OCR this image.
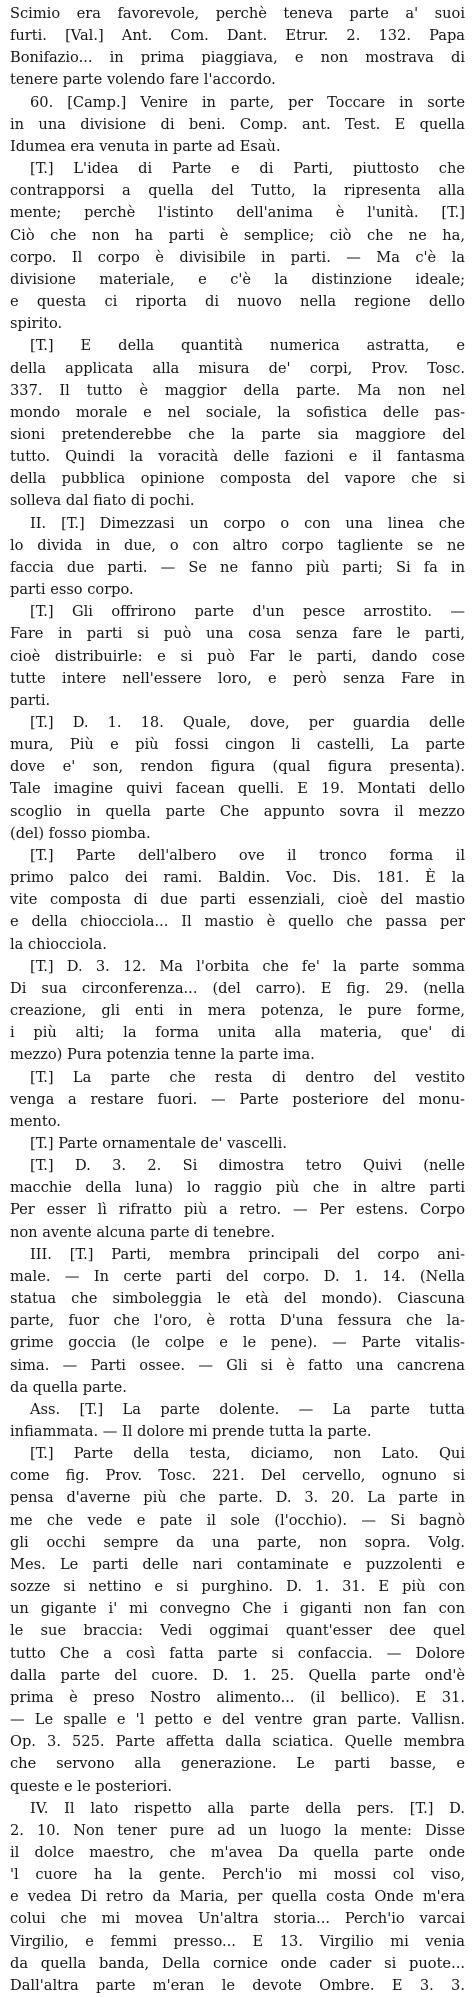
Scimio era favorevole, perchè teneva parte a' suoi
furti. [Val.] Ant. Com. Dant. Etrur. 2. 132. Papa
Bonifazio... in prima piaggiava, e non mostrava di
tenere parte volendo fare l'accordo.
60. [Camp.] Venire in parte, per Toccare in sorte
in una divisione di beni. Comp. ant. Test. E quella
Idumea era venuta in parte ad Esaù.
[T.] L'idea di Parte e di Parti, piuttosto che
contrapporsi a quella del Tutto, la ripresenta alla
mente; perchè l'istinto dell'anima è l'unità. [T.]
Ciò che non ha parti è semplice; ciò che ne ha,
corpo. Il corpo è divisibile in parti. — Ma c'è la
divisione materiale, e c'è la distinzione ideale;
e questa ci riporta di nuovo nella regione dello
spirito.
[T.] E della quantità numerica astratta, e
della applicata alla misura de' corpi, Prov. Tosc.
337. Il tutto è maggior della parte. Ma non nel
mondo morale e nel sociale, la sofistica delle pas-
sioni pretenderebbe che la parte sia maggiore del
tutto. Quindi la voracità delle fazioni e il fantasma
della pubblica opinione composta del vapore che si
solleva dal fiato di pochi.
II. [T.] Dimezzasi un corpo o con una linea che
lo divida in due, o con altro corpo tagliente se ne
faccia due parti. — Se ne fanno più parti; Si fa in
parti esso corpo.
[T.] Gli offrirono parte d'un pesce arrostito. —
Fare in parti si può una cosa senza fare le parti,
cioè distribuirle: e si può Far le parti, dando cose
tutte intere nell'essere loro, e però senza Fare in
parti.
[T.] D. 1. 18. Quale, dove, per guardia delle
mura, Più e più fossi cingon li castelli, La parte
dove e' son, rendon figura (qual figura presenta).
Tale imagine quivi facean quelli. E 19. Montati dello
scoglio in quella parte Che appunto sovra il mezzo
(del) fosso piomba.
[T.] Parte dell'albero ove il tronco forma il
primo palco dei rami. Baldin. Voc. Dis. 181. È la
vite composta di due parti essenziali, cioè del mastio
e della chiocciola... Il mastio è quello che passa per
la chiocciola.
[T.] D. 3. 12. Ma l'orbita che fe' la parte somma
Di sua circonferenza... (del carro). E fig. 29. (nella
creazione, gli enti in mera potenza, le pure forme,
i più alti; la forma unita alla materia, que' di
mezzo) Pura potenzia tenne la parte ima.
[T.] La parte che resta di dentro del vestito
venga a restare fuori. — Parte posteriore del monu-
mento.
[T.] Parte ornamentale de' vascelli.
[T.] D. 3. 2. Si dimostra tetro Quivi (nelle
macchie della luna) lo raggio più che in altre parti
Per esser lì rifratto più a retro. — Per estens. Corpo
non avente alcuna parte di tenebre.
III. [T.] Parti, membra principali del corpo ani-
male. — In certe parti del corpo. D. 1. 14. (Nella
statua che simboleggia le età del mondo). Ciascuna
parte, fuor che l'oro, è rotta D'una fessura che la-
grime goccia (le colpe e le pene). — Parte vitalis-
sima. — Parti ossee. — Gli si è fatto una cancrena
da quella parte.
Ass. [T.] La parte dolente. — La parte tutta
infiammata. — Il dolore mi prende tutta la parte.
[T.] Parte della testa, diciamo, non Lato. Qui
come fig. Prov. Tosc. 221. Del cervello, ognuno si
pensa d'averne più che parte. D. 3. 20. La parte in
me che vede e pate il sole (l'occhio). — Si bagnò
gli occhi sempre da una parte, non sopra. Volg.
Mes. Le parti delle nari contaminate e puzzolenti e
sozze si nettino e si purghino. D. 1. 31. E più con
un gigante i' mi convegno Che i giganti non fan con
le sue braccia: Vedi oggimai quant'esser dee quel
tutto Che a così fatta parte si confaccia. — Dolore
dalla parte del cuore. D. 1. 25. Quella parte ond'è
prima è preso Nostro alimento... (il bellico). E 31.
— Le spalle e 'l petto e del ventre gran parte. Vallisn.
Op. 3. 525. Parte affetta dalla sciatica. Quelle membra
che servono alla generazione. Le parti basse, e
queste e le posteriori.
IV. Il lato rispetto alla parte della pers. [T.] D.
2. 10. Non tener pure ad un luogo la mente: Disse
il dolce maestro, che m'avea Da quella parte onde
'l cuore ha la gente. Perch'io mi mossi col viso,
e vedea Di retro da Maria, per quella costa Onde m'era
colui che mi movea Un'altra storia... Perch'io varcai
Virgilio, e femmi presso... E 13. Virgilio mi venia
da quella banda, Della cornice onde cader si puote...
Dall'altra parte m'eran le devote Ombre. E 3. 3.
